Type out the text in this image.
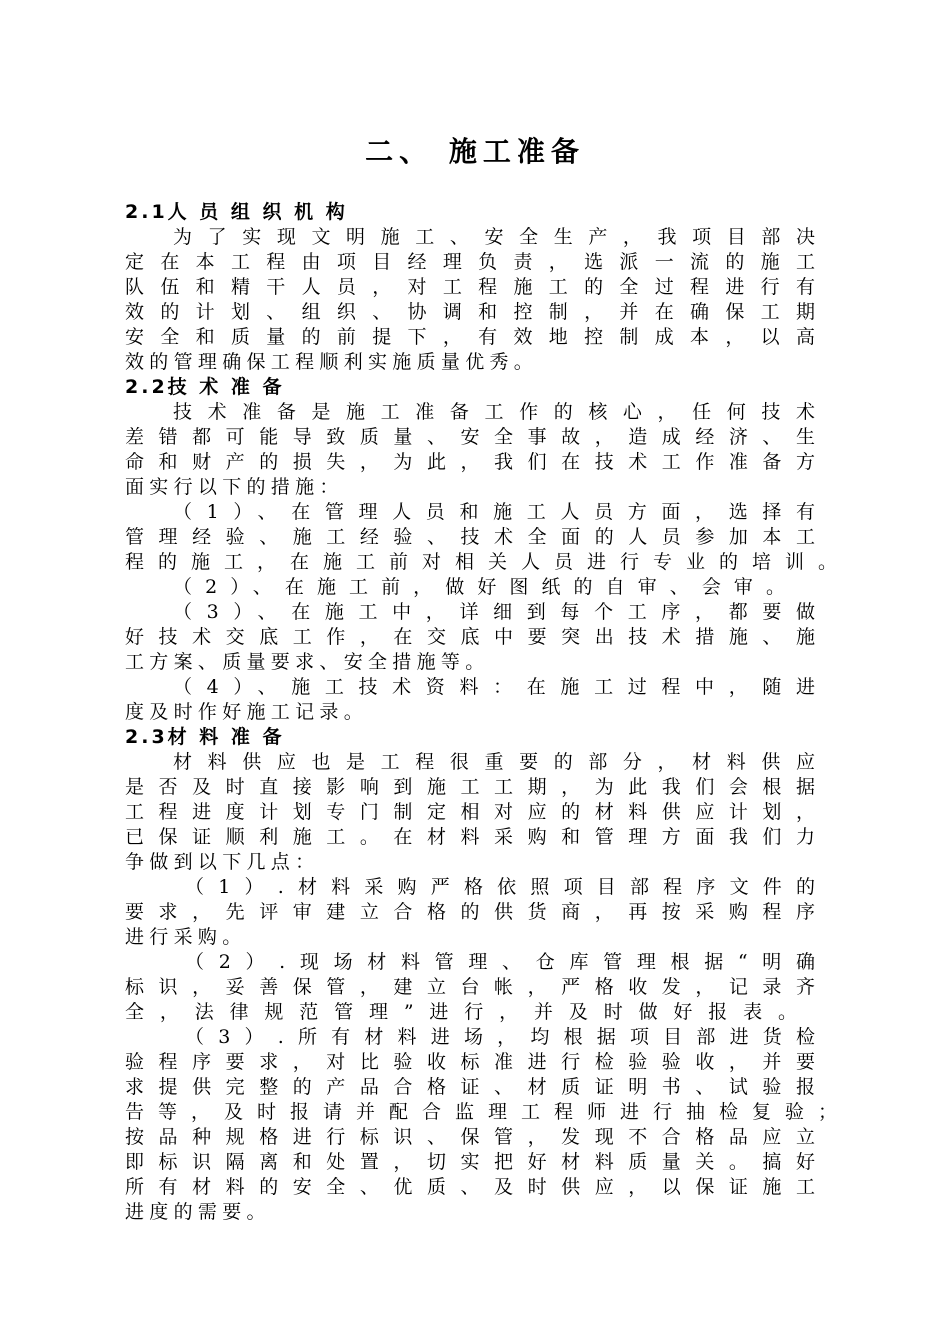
二、 施工准备
2.1人 员 组 织 机 构
为了实现文明施工、安全生产，我项目部决
定在本工程由项目经理负责，选派一流的施工
队伍和精干人员，对工程施工的全过程进行有
效的计划、组织、协调和控制，并在确保工期
安全和质量的前提下，有效地控制成本，以高
效的管理确保工程顺利实施质量优秀。
2.2技 术 准 备
技术准备是施工准备工作的核心，任何技术
差错都可能导致质量、安全事故，造成经济、生
命和财产的损失，为此，我们在技术工作准备方
面实行以下的措施：
（1）、在管理人员和施工人员方面，选择有
管理经验、施工经验、技术全面的人员参加本工
程的施工，在施工前对相关人员进行专业的培训。
（2）、在施工前，做好图纸的自审、会审。
（3）、在施工中，详细到每个工序，都要做
好技术交底工作，在交底中要突出技术措施、施
工方案、质量要求、安全措施等。
（4）、施工技术资料：在施工过程中，随进
度及时作好施工记录。
2.3材 料 准 备
材料供应也是工程很重要的部分，材料供应
是否及时直接影响到施工工期，为此我们会根据
工程进度计划专门制定相对应的材料供应计划，
已保证顺利施工。在材料采购和管理方面我们力
争做到以下几点：
（1）.材料采购严格依照项目部程序文件的
要求，先评审建立合格的供货商，再按采购程序
进行采购。
（2）.现场材料管理、仓库管理根据“明确
标识，妥善保管，建立台帐，严格收发，记录齐
全，法律规范管理”进行，并及时做好报表。
（3）.所有材料进场，均根据项目部进货检
验程序要求，对比验收标准进行检验验收，并要
求提供完整的产品合格证、材质证明书、试验报
告等，及时报请并配合监理工程师进行抽检复验；
按品种规格进行标识、保管，发现不合格品应立
即标识隔离和处置，切实把好材料质量关。搞好
所有材料的安全、优质、及时供应，以保证施工
进度的需要。
